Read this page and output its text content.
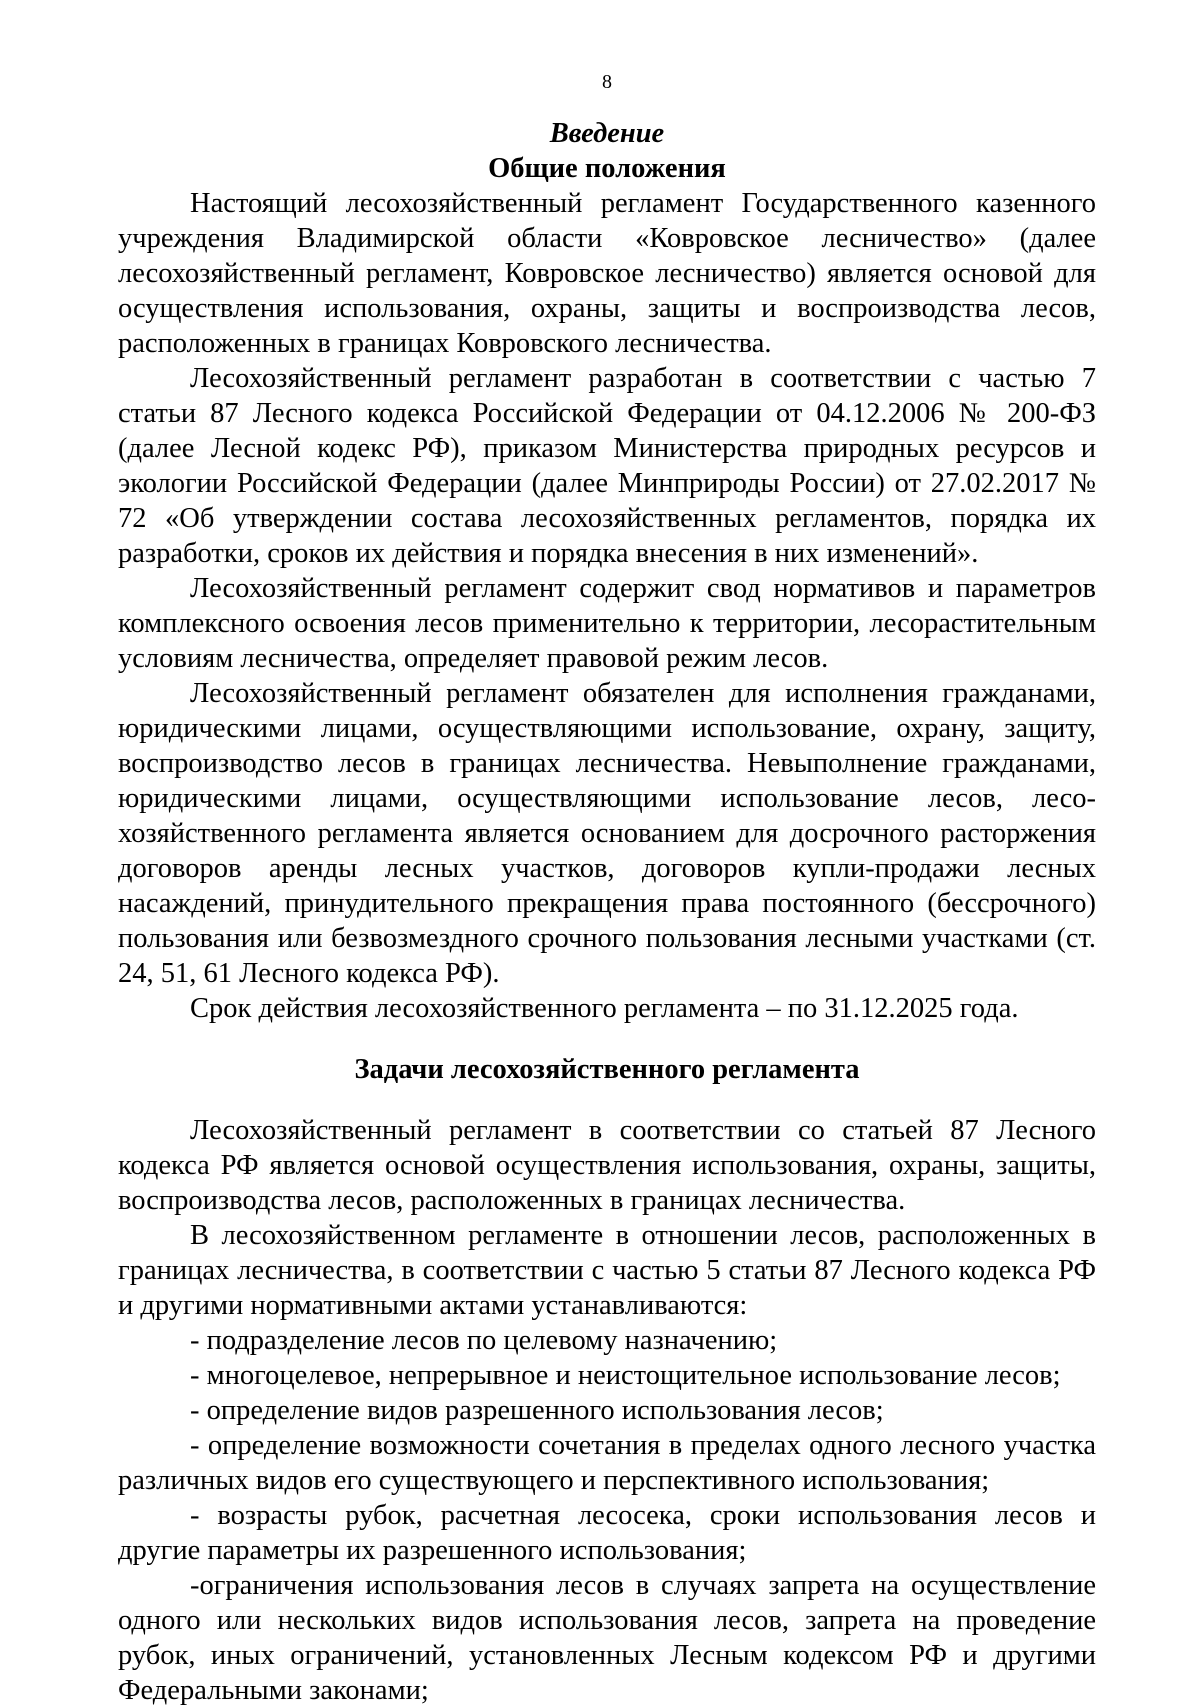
8
Введение
Общие положения

Настоящий лесохозяйственный регламент Государственного казенного учреждения Владимирской области «Ковровское лесничество» (далее лесохозяйственный регламент, Ковровское лесничество) является основой для осуществления использования, охраны, защиты и воспроизводства лесов, расположенных в границах Ковровского лесничества.

Лесохозяйственный регламент разработан в соответствии с частью 7 статьи 87 Лесного кодекса Российской Федерации от 04.12.2006 № 200-ФЗ (далее Лесной кодекс РФ), приказом Министерства природных ресурсов и экологии Российской Федерации (далее Минприроды России) от 27.02.2017 № 72 «Об утверждении состава лесохозяйственных регламентов, порядка их разработки, сроков их действия и порядка внесения в них изменений».

Лесохозяйственный регламент содержит свод нормативов и параметров комплексного освоения лесов применительно к территории, лесорастительным условиям лесничества, определяет правовой режим лесов.

Лесохозяйственный регламент обязателен для исполнения гражданами, юридическими лицами, осуществляющими использование, охрану, защиту, воспроизводство лесов в границах лесничества. Невыполнение гражданами, юридическими лицами, осуществляющими использование лесов, лесо-хозяйственного регламента является основанием для досрочного расторжения договоров аренды лесных участков, договоров купли-продажи лесных насаждений, принудительного прекращения права постоянного (бессрочного) пользования или безвозмездного срочного пользования лесными участками (ст. 24, 51, 61 Лесного кодекса РФ).

Срок действия лесохозяйственного регламента – по 31.12.2025 года.

Задачи лесохозяйственного регламента

Лесохозяйственный регламент в соответствии со статьей 87 Лесного кодекса РФ является основой осуществления использования, охраны, защиты, воспроизводства лесов, расположенных в границах лесничества.

В лесохозяйственном регламенте в отношении лесов, расположенных в границах лесничества, в соответствии с частью 5 статьи 87 Лесного кодекса РФ и другими нормативными актами устанавливаются:

- подразделение лесов по целевому назначению;
- многоцелевое, непрерывное и неистощительное использование лесов;
- определение видов разрешенного использования лесов;
- определение возможности сочетания в пределах одного лесного участка различных видов его существующего и перспективного использования;
- возрасты рубок, расчетная лесосека, сроки использования лесов и другие параметры их разрешенного использования;
-ограничения использования лесов в случаях запрета на осуществление одного или нескольких видов использования лесов, запрета на проведение рубок, иных ограничений, установленных Лесным кодексом РФ и другими Федеральными законами;
